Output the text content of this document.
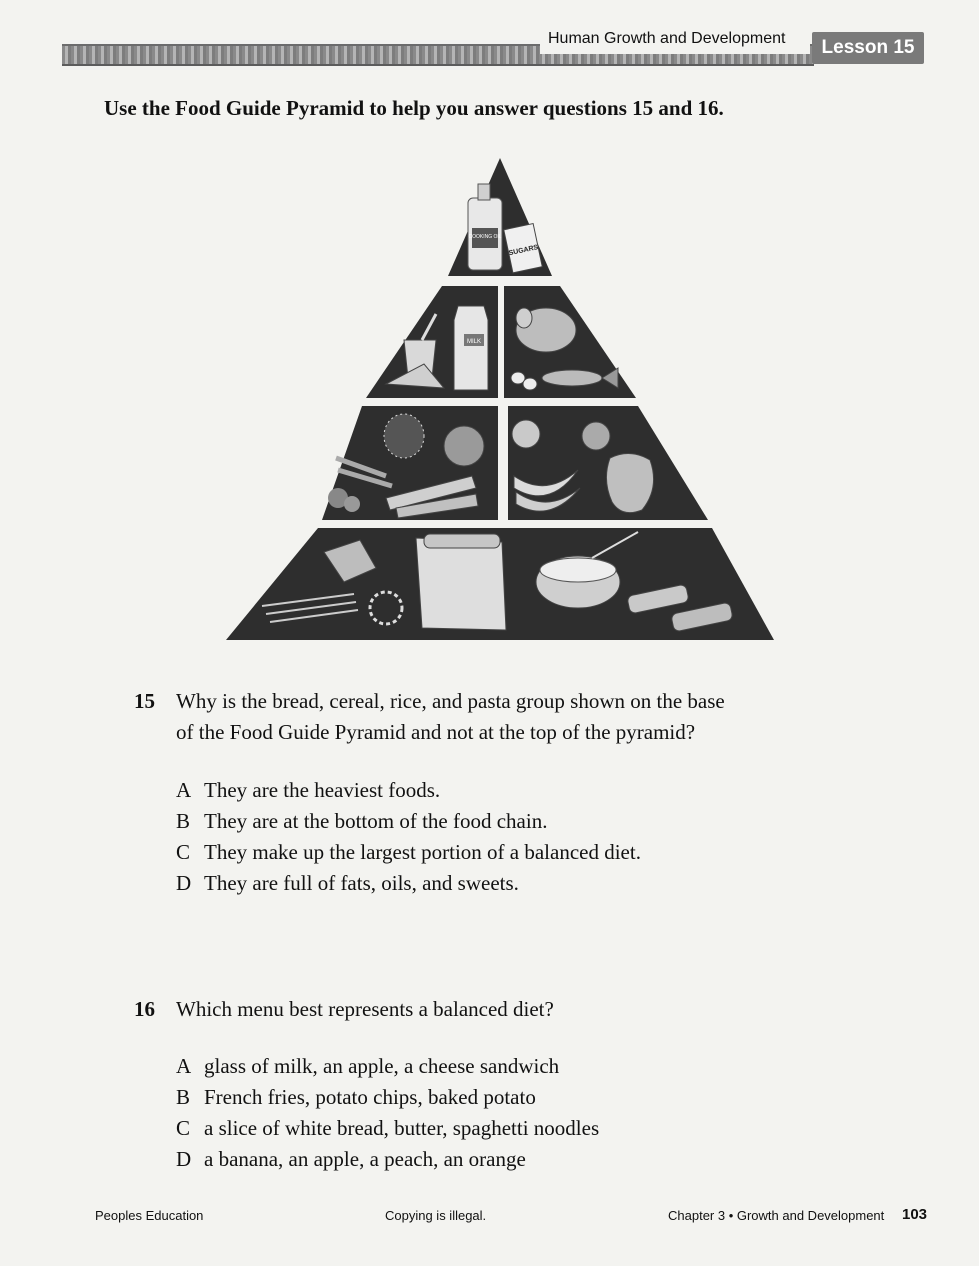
Human Growth and Development	Lesson 15
Use the Food Guide Pyramid to help you answer questions 15 and 16.
COOKING OIL
SUGARS
MILK
15 Why is the bread, cereal, rice, and pasta group shown on the base
of the Food Guide Pyramid and not at the top of the pyramid?
A They are the heaviest foods.
B They are at the bottom of the food chain.
C They make up the largest portion of a balanced diet.
D They are full of fats, oils, and sweets.
16 Which menu best represents a balanced diet?
A glass of milk, an apple, a cheese sandwich
B French fries, potato chips, baked potato
C a slice of white bread, butter, spaghetti noodles
D a banana, an apple, a peach, an orange
Peoples Education	Copying is illegal.	Chapter 3 • Growth and Development 103
